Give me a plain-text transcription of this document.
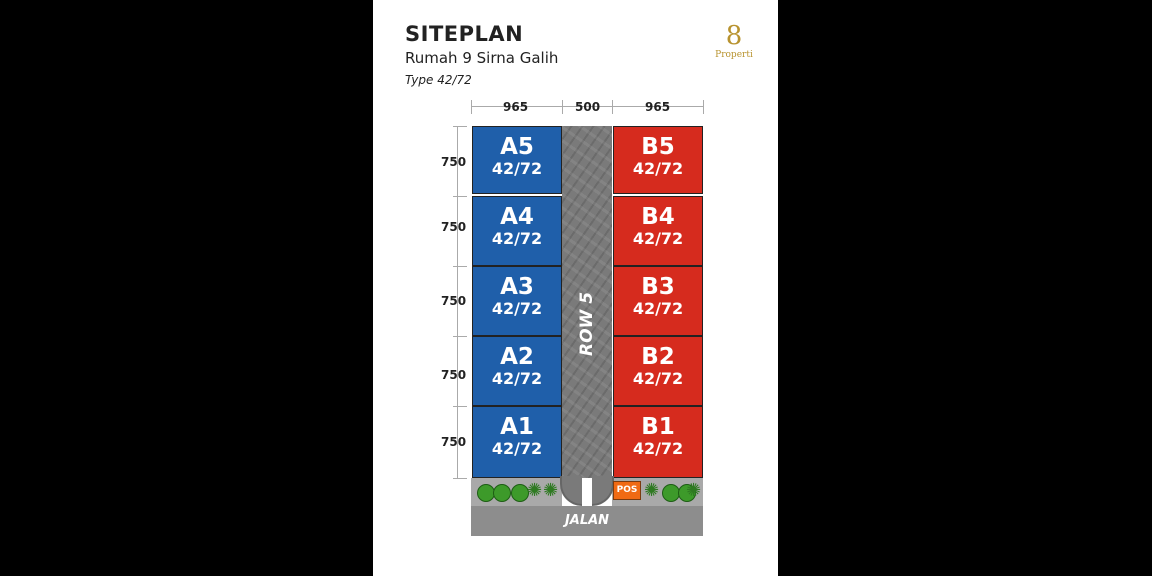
SITEPLAN
Rumah 9 Sirna Galih
Type 42/72
8
Properti
965	500	965
750
750
750
750
750
A5
42/72
A4
42/72
A3
42/72
A2
42/72
A1
42/72
ROW 5
B5
42/72
B4
42/72
B3
42/72
B2
42/72
B1
42/72
✺ ✺	✺ ✺
POS
JALAN
